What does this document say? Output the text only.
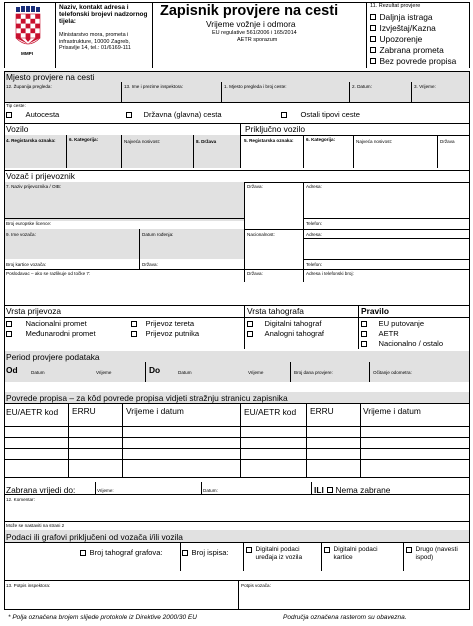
MMPI
Naziv, kontakt adresa i telefonski brojevi nadzornog tijela:
Ministarstvo mora, prometa i infrastrukture, 10000 Zagreb, Prisavlje 14, tel.: 01/6169-111
Zapisnik provjere na cesti
Vrijeme vožnje i odmora
EU regulative 561/2006 i 165/2014
AETR sporazum
11. Rezultat provjere
Daljnja istraga
Izvještaj/Kazna
Upozorenje
Zabrana prometa
Bez povrede propisa
Mjesto provjere na cesti
12. Županija pregleda:	13. Ime i prezime inspektora:	1. Mjesto pregleda i broj ceste:	2. Datum:	3. Vrijeme:
Tip ceste:
Autocesta	Državna (glavna) cesta	Ostali tipovi ceste
Vozilo	Priključno vozilo
4. Registarska oznaka:	6. Kategorija:	Najveća nosivost:	8. Država	5. Registarska oznaka:	6. Kategorija:	Najveća nosivost:	Država
Vozač i prijevoznik
7. Naziv prijevoznika / OIB:	Država:	Adresa:
Broj europske licence:	Telefon:
9. Ime vozača:	Datum rođenja:	Nacionalnost:	Adresa:
Broj kartice vozača:	Država:	Telefon:
Poslodavac – ako se razlikuje od točke 7:	Država:	Adresa i telefonski broj:
Vrsta prijevoza	Vrsta tahografa	Pravilo
Nacionalni promet
Međunarodni promet
Prijevoz tereta
Prijevoz putnika
Digitalni tahograf
Analogni tahograf
EU putovanje
AETR
Nacionalno / ostalo
Period provjere podataka
Od	Datum	Vrijeme	Do	Datum	Vrijeme	Broj dana provjere:	Očitanje odometra:
Povrede propisa – za kôd povrede propisa vidjeti stražnju stranicu zapisnika
EU/AETR kod	ERRU	Vrijeme i datum	EU/AETR kod	ERRU	Vrijeme i datum
Zabrana vrijedi do:	Vrijeme:	Datum:	ILI Nema zabrane
12. Komentar:
Može se nastaviti na strani 2
Podaci ili grafovi priključeni od vozača i/ili vozila
Broj tahograf grafova:	Broj ispisa:	Digitalni podaci uređaja iz vozila
Digitalni podaci kartice
Drugo (navesti ispod)
13. Potpis inspektora:	Potpis vozača:
* Polja označena brojem slijede protokole iz Direktive 2000/30 EU	Područja označena rasterom su obavezna.
